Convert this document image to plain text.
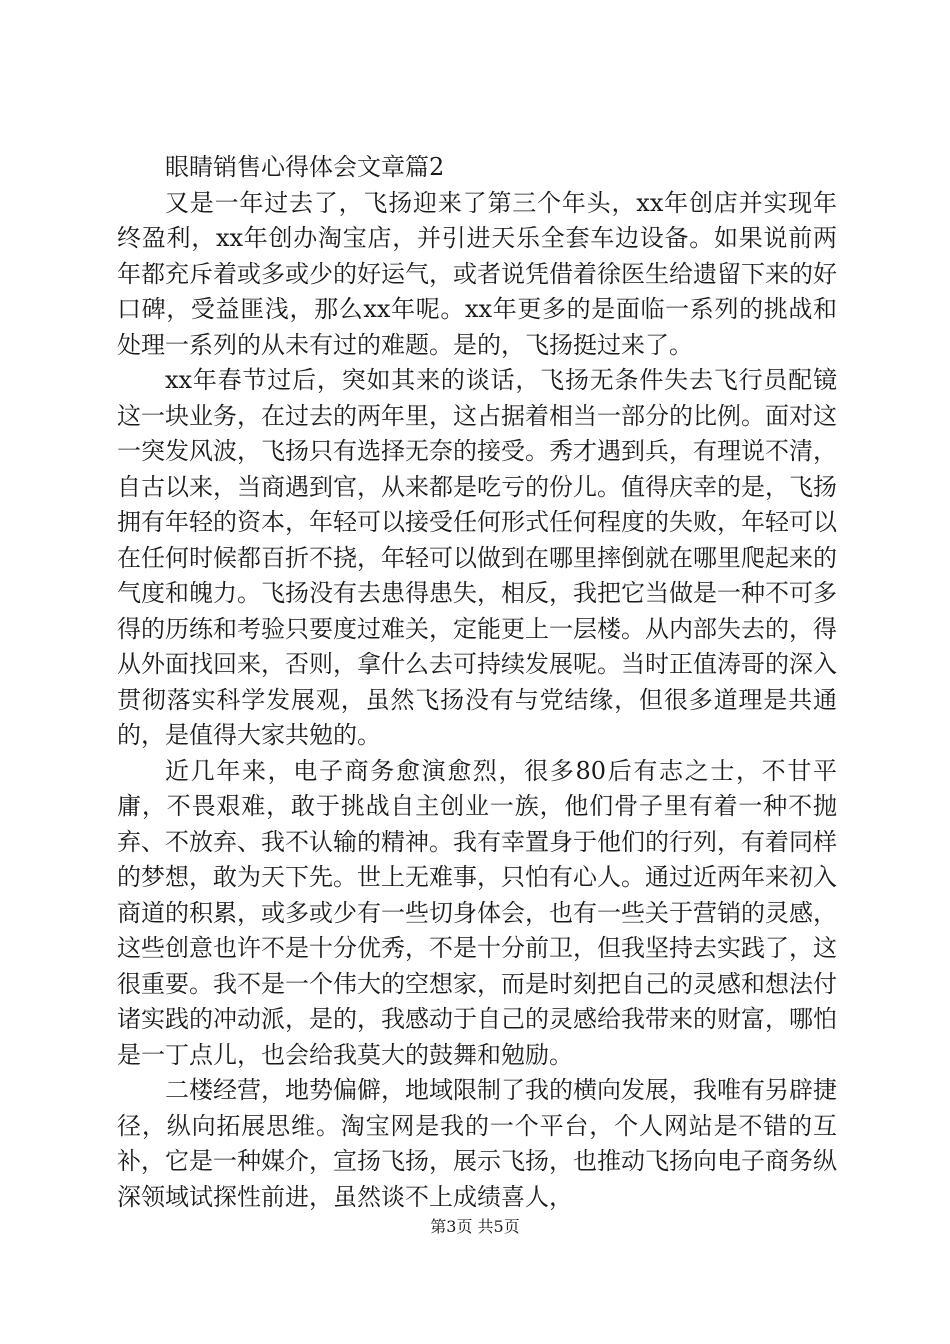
眼睛销售心得体会文章篇2

又是一年过去了，飞扬迎来了第三个年头，xx年创店并实现年终盈利，xx年创办淘宝店，并引进天乐全套车边设备。如果说前两年都充斥着或多或少的好运气，或者说凭借着徐医生给遗留下来的好口碑，受益匪浅，那么xx年呢。xx年更多的是面临一系列的挑战和处理一系列的从未有过的难题。是的，飞扬挺过来了。

xx年春节过后，突如其来的谈话，飞扬无条件失去飞行员配镜这一块业务，在过去的两年里，这占据着相当一部分的比例。面对这一突发风波，飞扬只有选择无奈的接受。秀才遇到兵，有理说不清，自古以来，当商遇到官，从来都是吃亏的份儿。值得庆幸的是，飞扬拥有年轻的资本，年轻可以接受任何形式任何程度的失败，年轻可以在任何时候都百折不挠，年轻可以做到在哪里摔倒就在哪里爬起来的气度和魄力。飞扬没有去患得患失，相反，我把它当做是一种不可多得的历练和考验只要度过难关，定能更上一层楼。从内部失去的，得从外面找回来，否则，拿什么去可持续发展呢。当时正值涛哥的深入贯彻落实科学发展观，虽然飞扬没有与党结缘，但很多道理是共通的，是值得大家共勉的。

近几年来，电子商务愈演愈烈，很多80后有志之士，不甘平庸，不畏艰难，敢于挑战自主创业一族，他们骨子里有着一种不抛弃、不放弃、我不认输的精神。我有幸置身于他们的行列，有着同样的梦想，敢为天下先。世上无难事，只怕有心人。通过近两年来初入商道的积累，或多或少有一些切身体会，也有一些关于营销的灵感，这些创意也许不是十分优秀，不是十分前卫，但我坚持去实践了，这很重要。我不是一个伟大的空想家，而是时刻把自己的灵感和想法付诸实践的冲动派，是的，我感动于自己的灵感给我带来的财富，哪怕是一丁点儿，也会给我莫大的鼓舞和勉励。

二楼经营，地势偏僻，地域限制了我的横向发展，我唯有另辟捷径，纵向拓展思维。淘宝网是我的一个平台，个人网站是不错的互补，它是一种媒介，宣扬飞扬，展示飞扬，也推动飞扬向电子商务纵深领域试探性前进，虽然谈不上成绩喜人，

第3页 共5页
